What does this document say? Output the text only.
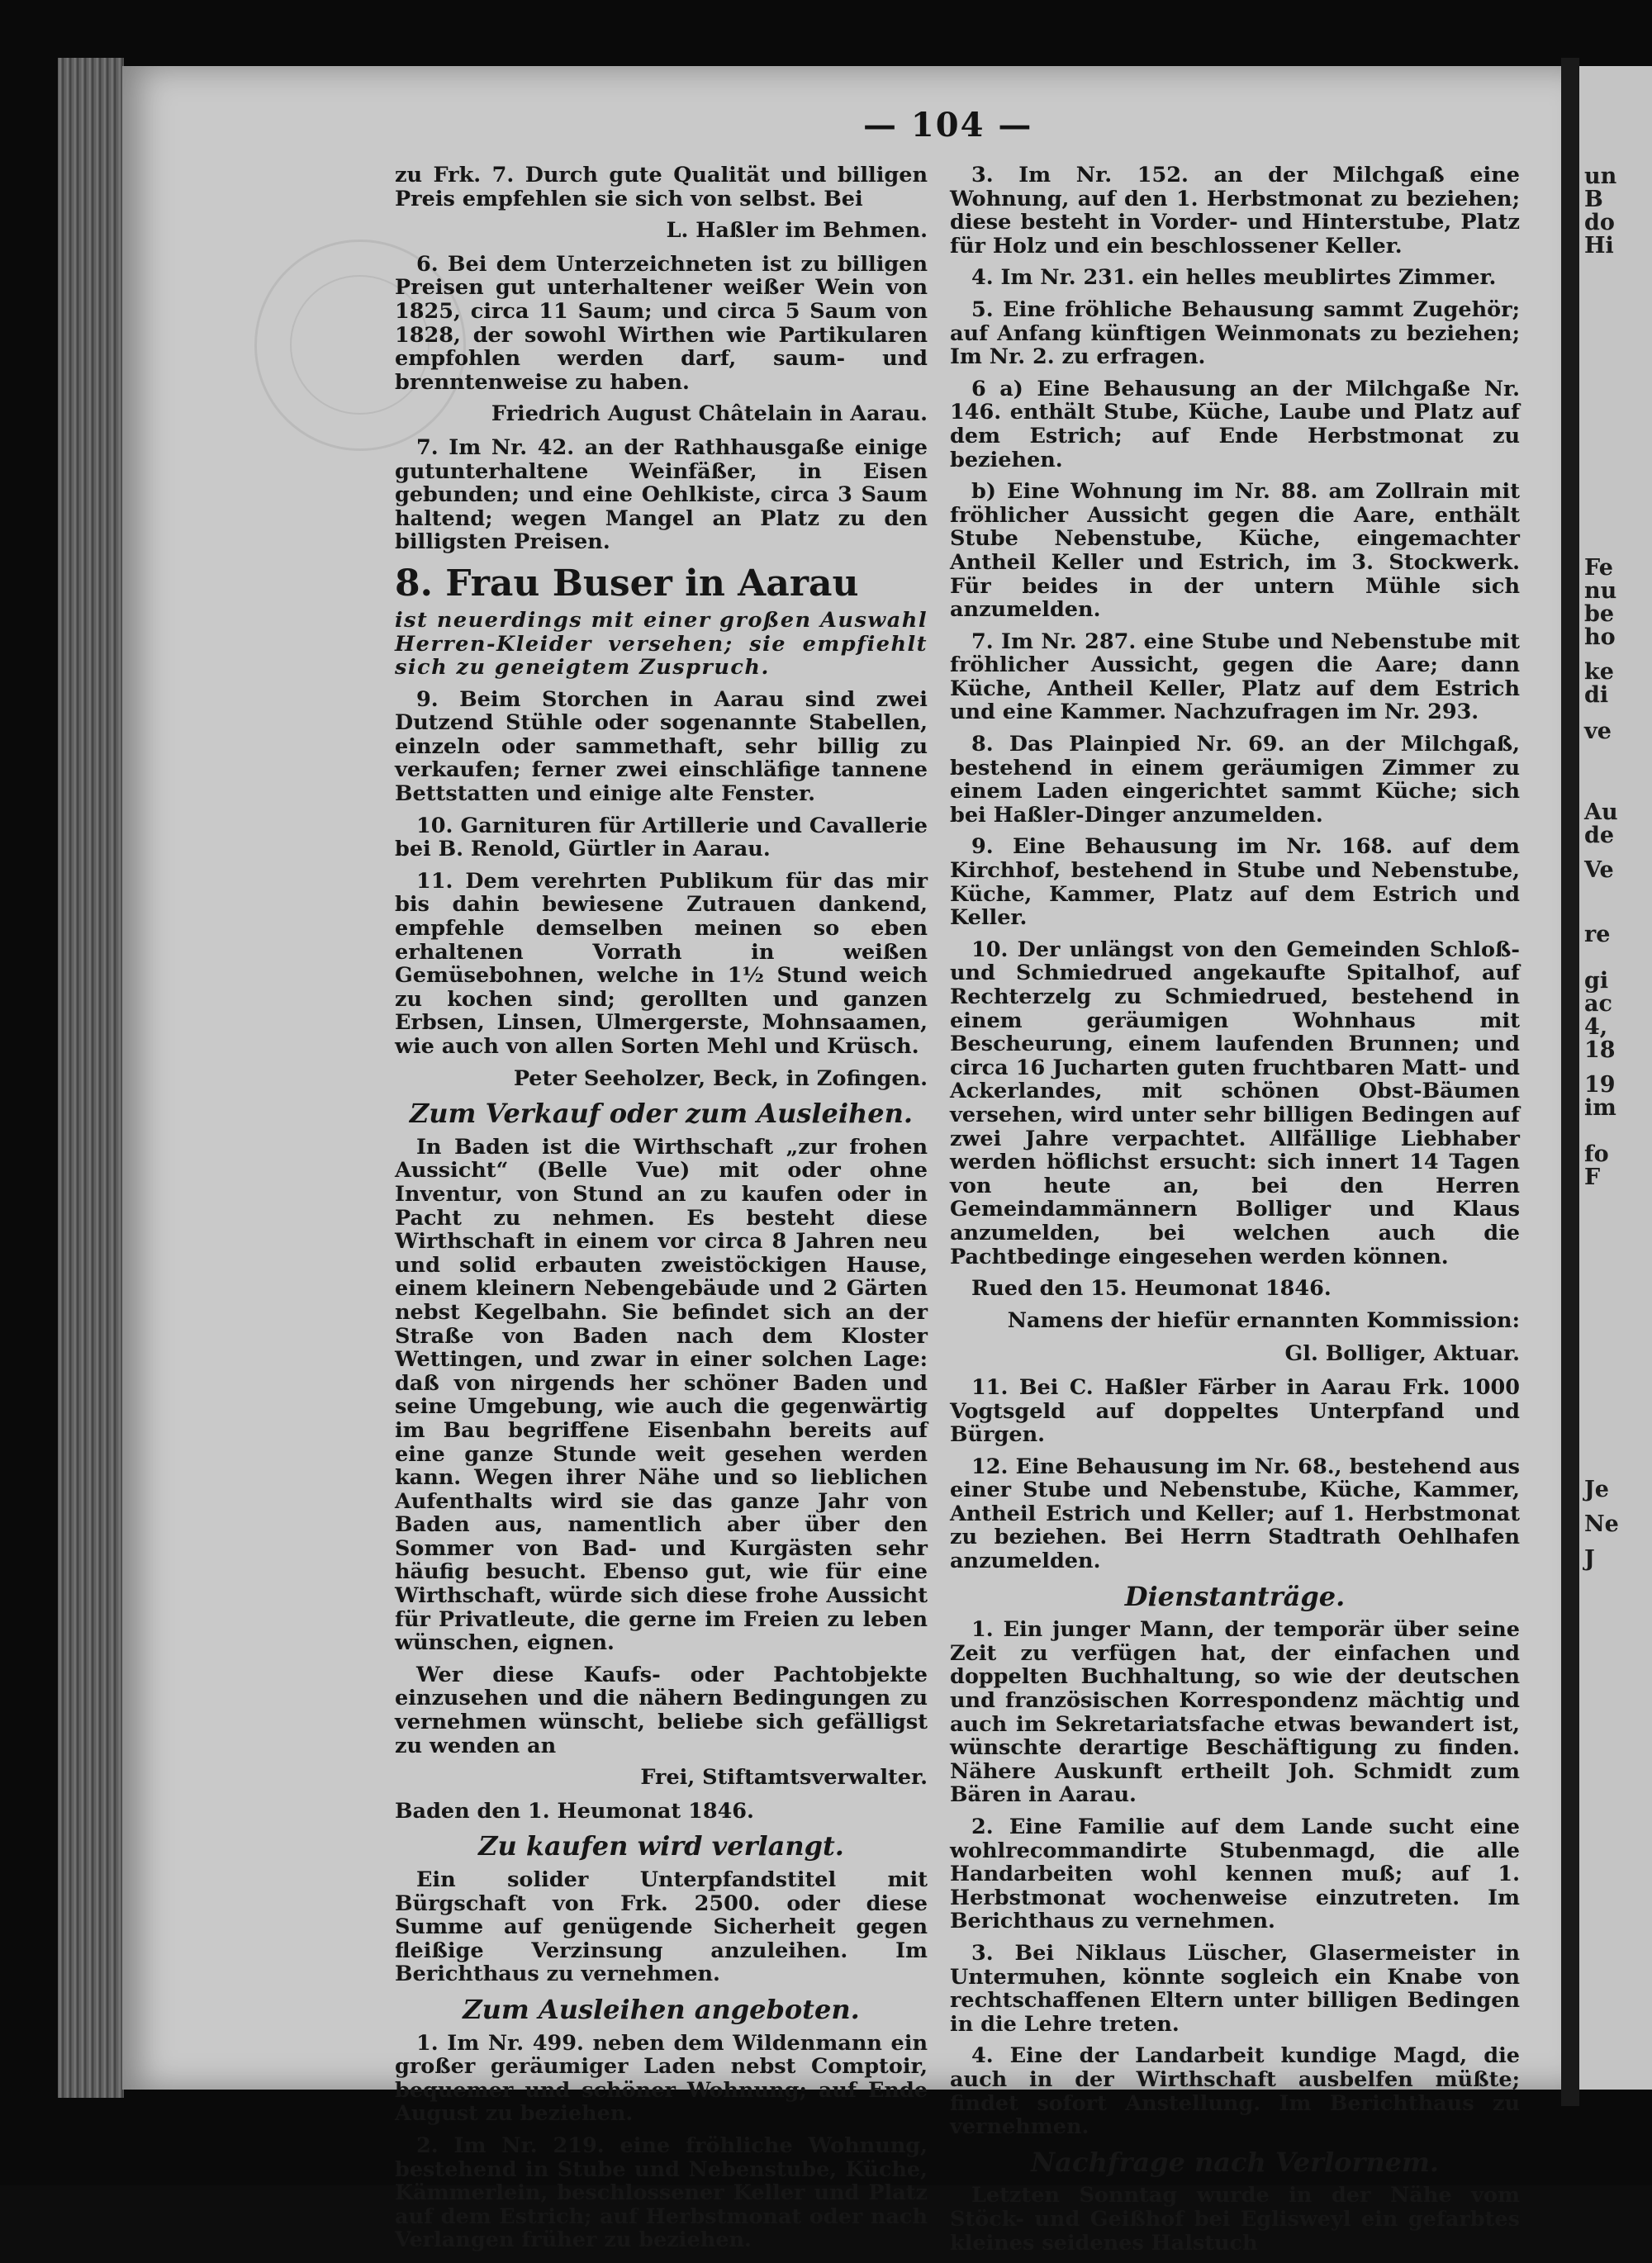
un
B
do
Hi
Fe
nu
be
ho
ke
di
ve
Au
de
Ve
re
gi
ac
4,
18
19
im
fo
F
Je
Ne
J
— 104 —

zu Frk. 7. Durch gute Qualität und billigen Preis empfehlen sie sich von selbst. Bei

L. Haßler im Behmen.

6. Bei dem Unterzeichneten ist zu billigen Preisen gut unterhaltener weißer Wein von 1825, circa 11 Saum; und circa 5 Saum von 1828, der sowohl Wirthen wie Partikularen empfohlen werden darf, saum- und brenntenweise zu haben.

Friedrich August Châtelain in Aarau.

7. Im Nr. 42. an der Rathhausgaße einige gutunterhaltene Weinfäßer, in Eisen gebunden; und eine Oehlkiste, circa 3 Saum haltend; wegen Mangel an Platz zu den billigsten Preisen.

8. Frau Buser in Aarau

ist neuerdings mit einer großen Auswahl Herren-Kleider versehen; sie empfiehlt sich zu geneigtem Zuspruch.

9. Beim Storchen in Aarau sind zwei Dutzend Stühle oder sogenannte Stabellen, einzeln oder sammethaft, sehr billig zu verkaufen; ferner zwei einschläfige tannene Bettstatten und einige alte Fenster.

10. Garnituren für Artillerie und Cavallerie bei B. Renold, Gürtler in Aarau.

11. Dem verehrten Publikum für das mir bis dahin bewiesene Zutrauen dankend, empfehle demselben meinen so eben erhaltenen Vorrath in weißen Gemüsebohnen, welche in 1½ Stund weich zu kochen sind; gerollten und ganzen Erbsen, Linsen, Ulmergerste, Mohnsaamen, wie auch von allen Sorten Mehl und Krüsch.

Peter Seeholzer, Beck, in Zofingen.
Zum Verkauf oder zum Ausleihen.

In Baden ist die Wirthschaft „zur frohen Aussicht“ (Belle Vue) mit oder ohne Inventur, von Stund an zu kaufen oder in Pacht zu nehmen. Es besteht diese Wirthschaft in einem vor circa 8 Jahren neu und solid erbauten zweistöckigen Hause, einem kleinern Nebengebäude und 2 Gärten nebst Kegelbahn. Sie befindet sich an der Straße von Baden nach dem Kloster Wettingen, und zwar in einer solchen Lage: daß von nirgends her schöner Baden und seine Umgebung, wie auch die gegenwärtig im Bau begriffene Eisenbahn bereits auf eine ganze Stunde weit gesehen werden kann. Wegen ihrer Nähe und so lieblichen Aufenthalts wird sie das ganze Jahr von Baden aus, namentlich aber über den Sommer von Bad- und Kurgästen sehr häufig besucht. Ebenso gut, wie für eine Wirthschaft, würde sich diese frohe Aussicht für Privatleute, die gerne im Freien zu leben wünschen, eignen.

Wer diese Kaufs- oder Pachtobjekte einzusehen und die nähern Bedingungen zu vernehmen wünscht, beliebe sich gefälligst zu wenden an

Frei, Stiftamtsverwalter.

Baden den 1. Heumonat 1846.

Zu kaufen wird verlangt.

Ein solider Unterpfandstitel mit Bürgschaft von Frk. 2500. oder diese Summe auf genügende Sicherheit gegen fleißige Verzinsung anzuleihen. Im Berichthaus zu vernehmen.

Zum Ausleihen angeboten.

1. Im Nr. 499. neben dem Wildenmann ein großer geräumiger Laden nebst Comptoir, bequemer und schöner Wohnung; auf Ende August zu beziehen.

2. Im Nr. 219. eine fröhliche Wohnung, bestehend in Stube und Nebenstube, Küche, Kämmerlein, beschlossener Keller und Platz auf dem Estrich; auf Herbstmonat oder nach Verlangen früher zu beziehen.

3. Im Nr. 152. an der Milchgaß eine Wohnung, auf den 1. Herbstmonat zu beziehen; diese besteht in Vorder- und Hinterstube, Platz für Holz und ein beschlossener Keller.

4. Im Nr. 231. ein helles meublirtes Zimmer.

5. Eine fröhliche Behausung sammt Zugehör; auf Anfang künftigen Weinmonats zu beziehen; Im Nr. 2. zu erfragen.

6 a) Eine Behausung an der Milchgaße Nr. 146. enthält Stube, Küche, Laube und Platz auf dem Estrich; auf Ende Herbstmonat zu beziehen.

b) Eine Wohnung im Nr. 88. am Zollrain mit fröhlicher Aussicht gegen die Aare, enthält Stube Nebenstube, Küche, eingemachter Antheil Keller und Estrich, im 3. Stockwerk. Für beides in der untern Mühle sich anzumelden.

7. Im Nr. 287. eine Stube und Nebenstube mit fröhlicher Aussicht, gegen die Aare; dann Küche, Antheil Keller, Platz auf dem Estrich und eine Kammer. Nachzufragen im Nr. 293.

8. Das Plainpied Nr. 69. an der Milchgaß, bestehend in einem geräumigen Zimmer zu einem Laden eingerichtet sammt Küche; sich bei Haßler-Dinger anzumelden.

9. Eine Behausung im Nr. 168. auf dem Kirchhof, bestehend in Stube und Nebenstube, Küche, Kammer, Platz auf dem Estrich und Keller.

10. Der unlängst von den Gemeinden Schloß- und Schmiedrued angekaufte Spitalhof, auf Rechterzelg zu Schmiedrued, bestehend in einem geräumigen Wohnhaus mit Bescheurung, einem laufenden Brunnen; und circa 16 Jucharten guten fruchtbaren Matt- und Ackerlandes, mit schönen Obst-Bäumen versehen, wird unter sehr billigen Bedingen auf zwei Jahre verpachtet. Allfällige Liebhaber werden höflichst ersucht: sich innert 14 Tagen von heute an, bei den Herren Gemeindammännern Bolliger und Klaus anzumelden, bei welchen auch die Pachtbedinge eingesehen werden können.

Rued den 15. Heumonat 1846.

Namens der hiefür ernannten Kommission:
Gl. Bolliger, Aktuar.

11. Bei C. Haßler Färber in Aarau Frk. 1000 Vogtsgeld auf doppeltes Unterpfand und Bürgen.

12. Eine Behausung im Nr. 68., bestehend aus einer Stube und Nebenstube, Küche, Kammer, Antheil Estrich und Keller; auf 1. Herbstmonat zu beziehen. Bei Herrn Stadtrath Oehlhafen anzumelden.

Dienstanträge.

1. Ein junger Mann, der temporär über seine Zeit zu verfügen hat, der einfachen und doppelten Buchhaltung, so wie der deutschen und französischen Korrespondenz mächtig und auch im Sekretariatsfache etwas bewandert ist, wünschte derartige Beschäftigung zu finden. Nähere Auskunft ertheilt Joh. Schmidt zum Bären in Aarau.

2. Eine Familie auf dem Lande sucht eine wohlrecommandirte Stubenmagd, die alle Handarbeiten wohl kennen muß; auf 1. Herbstmonat wochenweise einzutreten. Im Berichthaus zu vernehmen.

3. Bei Niklaus Lüscher, Glasermeister in Untermuhen, könnte sogleich ein Knabe von rechtschaffenen Eltern unter billigen Bedingen in die Lehre treten.

4. Eine der Landarbeit kundige Magd, die auch in der Wirthschaft ausbelfen müßte; findet sofort Anstellung. Im Berichthaus zu vernehmen.

Nachfrage nach Verlornem.

Letzten Sonntag wurde in der Nähe vom Stöck- und Geißhof bei Eglisweyl ein gefarbtes kleines seidenes Halstuch
